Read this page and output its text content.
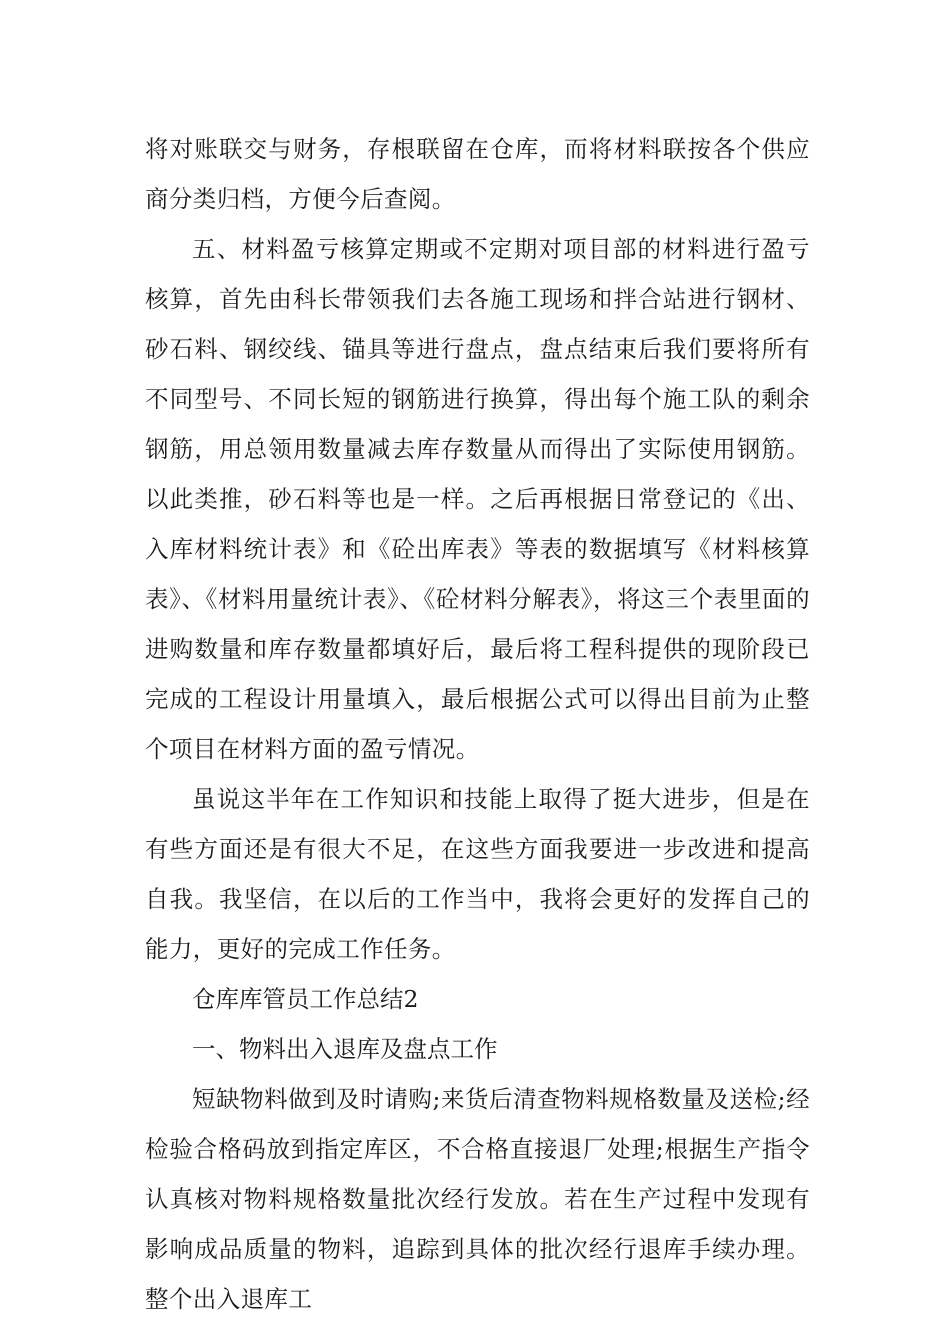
将对账联交与财务，存根联留在仓库，而将材料联按各个供应商分类归档，方便今后查阅。

五、材料盈亏核算定期或不定期对项目部的材料进行盈亏核算，首先由科长带领我们去各施工现场和拌合站进行钢材、砂石料、钢绞线、锚具等进行盘点，盘点结束后我们要将所有不同型号、不同长短的钢筋进行换算，得出每个施工队的剩余钢筋，用总领用数量减去库存数量从而得出了实际使用钢筋。以此类推，砂石料等也是一样。之后再根据日常登记的《出、入库材料统计表》和《砼出库表》等表的数据填写《材料核算表》、《材料用量统计表》、《砼材料分解表》，将这三个表里面的进购数量和库存数量都填好后，最后将工程科提供的现阶段已完成的工程设计用量填入，最后根据公式可以得出目前为止整个项目在材料方面的盈亏情况。

虽说这半年在工作知识和技能上取得了挺大进步，但是在有些方面还是有很大不足，在这些方面我要进一步改进和提高自我。我坚信，在以后的工作当中，我将会更好的发挥自己的能力，更好的完成工作任务。

仓库库管员工作总结2

一、物料出入退库及盘点工作

短缺物料做到及时请购;来货后清查物料规格数量及送检;经检验合格码放到指定库区，不合格直接退厂处理;根据生产指令认真核对物料规格数量批次经行发放。若在生产过程中发现有影响成品质量的物料，追踪到具体的批次经行退库手续办理。整个出入退库工
